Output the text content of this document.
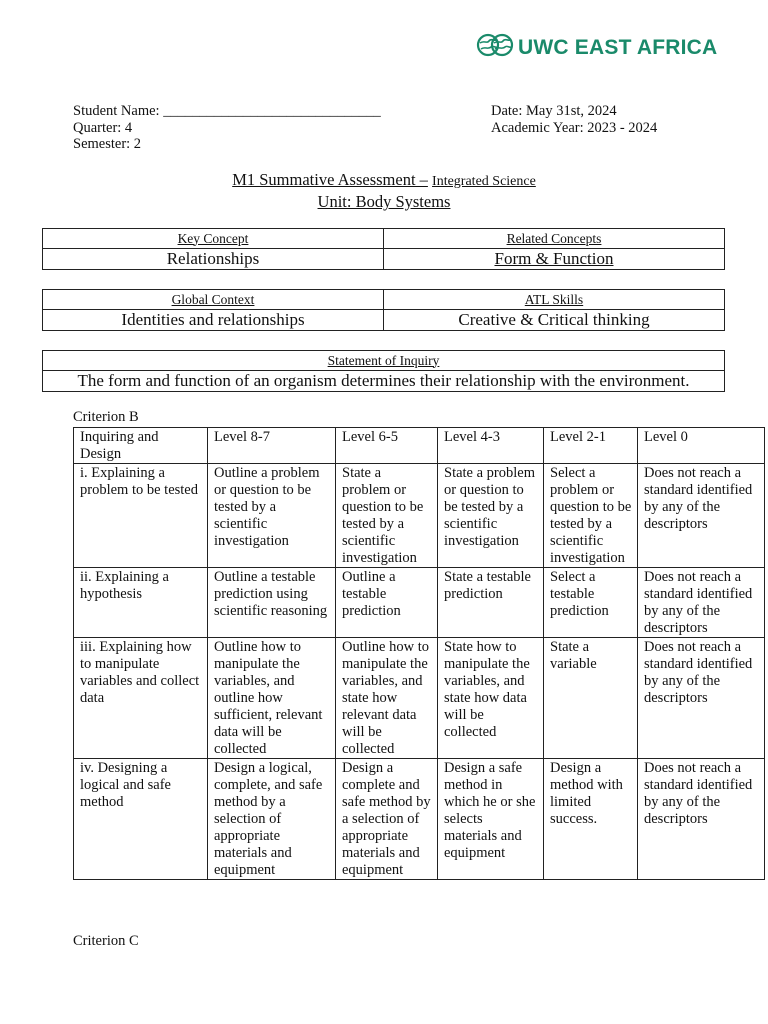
UWC EAST AFRICA
Student Name: ______________________________
Quarter: 4
Semester: 2
Date: May 31st, 2024
Academic Year: 2023 - 2024
M1 Summative Assessment – Integrated Science
Unit: Body Systems
Key Concept	Related Concepts
Relationships	Form & Function
Global Context	ATL Skills
Identities and relationships	Creative & Critical thinking
Statement of Inquiry
The form and function of an organism determines their relationship with the environment.
Criterion B
Inquiring and Design	Level 8-7	Level 6-5	Level 4-3	Level 2-1	Level 0
i. Explaining a problem to be tested	Outline a problem or question to be tested by a scientific investigation	State a problem or question to be tested by a scientific investigation	State a problem or question to be tested by a scientific investigation	Select a problem or question to be tested by a scientific investigation	Does not reach a standard identified by any of the descriptors
ii. Explaining a hypothesis	Outline a testable prediction using scientific reasoning	Outline a testable prediction	State a testable prediction	Select a testable prediction	Does not reach a standard identified by any of the descriptors
iii. Explaining how to manipulate variables and collect data	Outline how to manipulate the variables, and outline how sufficient, relevant data will be collected	Outline how to manipulate the variables, and state how relevant data will be collected	State how to manipulate the variables, and state how data will be collected	State a variable	Does not reach a standard identified by any of the descriptors
iv. Designing a logical and safe method	Design a logical, complete, and safe method by a selection of appropriate materials and equipment	Design a complete and safe method by a selection of appropriate materials and equipment	Design a safe method in which he or she selects materials and equipment	Design a method with limited success.	Does not reach a standard identified by any of the descriptors
Criterion C
